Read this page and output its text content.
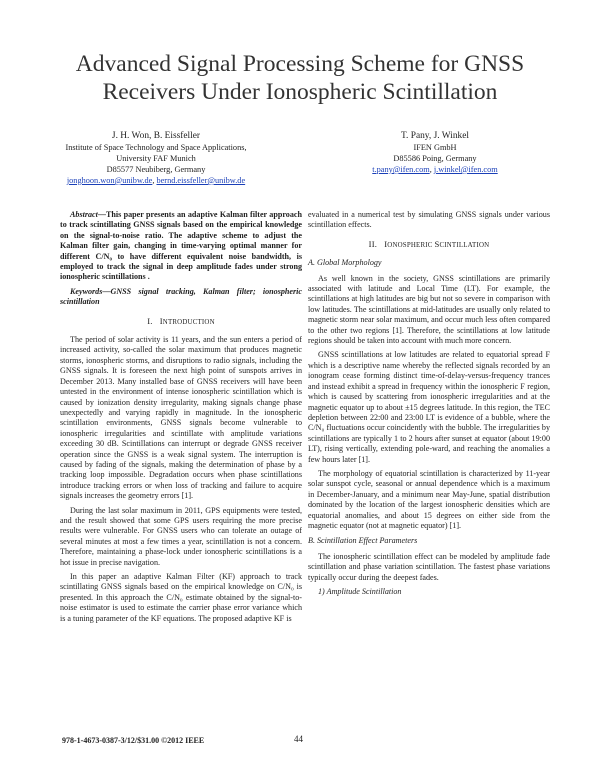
Advanced Signal Processing Scheme for GNSS
Receivers Under Ionospheric Scintillation
J. H. Won, B. Eissfeller
Institute of Space Technology and Space Applications,
University FAF Munich
D85577 Neubiberg, Germany
jonghoon.won@unibw.de, bernd.eissfeller@unibw.de
T. Pany, J. Winkel
IFEN GmbH
D85586 Poing, Germany
t.pany@ifen.com, j.winkel@ifen.com

Abstract—This paper presents an adaptive Kalman filter approach to track scintillating GNSS signals based on the empirical knowledge on the signal-to-noise ratio. The adaptive scheme to adjust the Kalman filter gain, changing in time-varying optimal manner for different C/N₀ to have different equivalent noise bandwidth, is employed to track the signal in deep amplitude fades under strong ionospheric scintillations .

Keywords—GNSS signal tracking, Kalman filter; ionospheric scintillation

I. INTRODUCTION

The period of solar activity is 11 years, and the sun enters a period of increased activity, so-called the solar maximum that produces magnetic storms, ionospheric storms, and disruptions to radio signals, including the GNSS signals. It is foreseen the next high point of sunspots arrives in December 2013. Many installed base of GNSS receivers will have been untested in the environment of intense ionospheric scintillation which is caused by ionization density irregularity, making signals change phase unexpectedly and varying rapidly in magnitude. In the ionospheric scintillation environments, GNSS signals become vulnerable to ionospheric irregularities and scintillate with amplitude variations exceeding 30 dB. Scintillations can interrupt or degrade GNSS receiver operation since the GNSS is a weak signal system. The interruption is caused by fading of the signals, making the determination of phase by a tracking loop impossible. Degradation occurs when phase scintillations introduce tracking errors or when loss of tracking and failure to acquire signals increases the geometry errors [1].

During the last solar maximum in 2011, GPS equipments were tested, and the result showed that some GPS users requiring the more precise results were vulnerable. For GNSS users who can tolerate an outage of several minutes at most a few times a year, scintillation is not a concern. Therefore, maintaining a phase-lock under ionospheric scintillations is a hot issue in precise navigation.

In this paper an adaptive Kalman Filter (KF) approach to track scintillating GNSS signals based on the empirical knowledge on C/N₀ is presented. In this approach the C/N₀ estimate obtained by the signal-to-noise estimator is used to estimate the carrier phase error variance which is a tuning parameter of the KF equations. The proposed adaptive KF is

evaluated in a numerical test by simulating GNSS signals under various scintillation effects.

II. IONOSPHERIC SCINTILLATION
A. Global Morphology

As well known in the society, GNSS scintillations are primarily associated with latitude and Local Time (LT). For example, the scintillations at high latitudes are big but not so severe in comparison with low latitudes. The scintillations at mid-latitudes are usually only related to magnetic storm near solar maximum, and occur much less often compared to the other two regions [1]. Therefore, the scintillations at low latitude regions should be taken into account with much more concern.

GNSS scintillations at low latitudes are related to equatorial spread F which is a descriptive name whereby the reflected signals recorded by an ionogram cease forming distinct time-of-delay-versus-frequency trances and instead exhibit a spread in frequency within the ionospheric F region, which is caused by scattering from ionospheric irregularities and at the magnetic equator up to about ±15 degrees latitude. In this region, the TEC depletion between 22:00 and 23:00 LT is evidence of a bubble, where the C/N₀ fluctuations occur coincidently with the bubble. The irregularities by scintillations are typically 1 to 2 hours after sunset at equator (about 19:00 LT), rising vertically, extending pole-ward, and reaching the anomalies a few hours later [1].

The morphology of equatorial scintillation is characterized by 11-year solar sunspot cycle, seasonal or annual dependence which is a maximum in December-January, and a minimum near May-June, spatial distribution dominated by the location of the largest ionospheric densities which are equatorial anomalies, and about 15 degrees on either side from the magnetic equator (not at magnetic equator) [1].

B. Scintillation Effect Parameters

The ionospheric scintillation effect can be modeled by amplitude fade scintillation and phase variation scintillation. The fastest phase variations typically occur during the deepest fades.

1) Amplitude Scintillation
978-1-4673-0387-3/12/$31.00 ©2012 IEEE	44
